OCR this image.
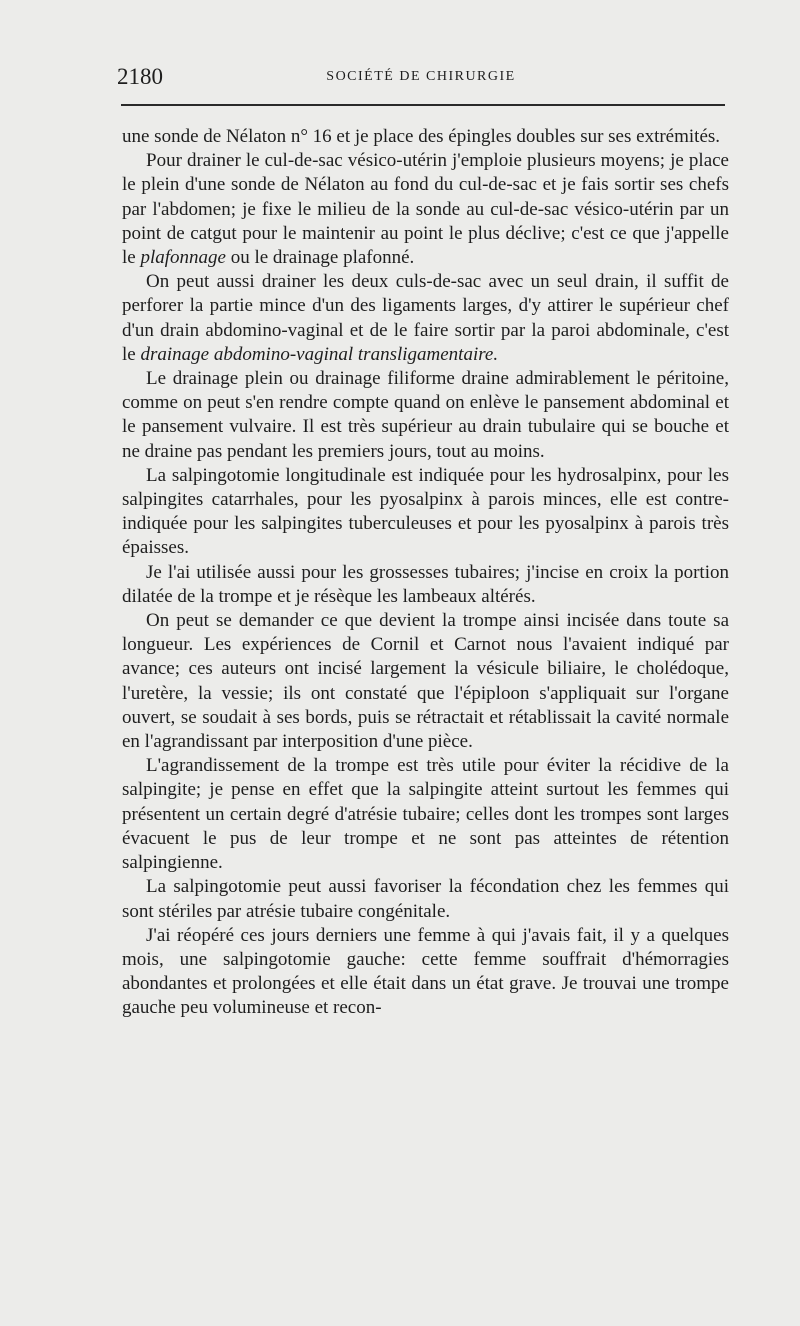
2180	SOCIÉTÉ DE CHIRURGIE

une sonde de Nélaton n° 16 et je place des épingles doubles sur ses extrémités.

Pour drainer le cul-de-sac vésico-utérin j'emploie plusieurs moyens; je place le plein d'une sonde de Nélaton au fond du cul-de-sac et je fais sortir ses chefs par l'abdomen; je fixe le milieu de la sonde au cul-de-sac vésico-utérin par un point de catgut pour le maintenir au point le plus déclive; c'est ce que j'appelle le plafonnage ou le drainage plafonné.

On peut aussi drainer les deux culs-de-sac avec un seul drain, il suffit de perforer la partie mince d'un des ligaments larges, d'y attirer le supérieur chef d'un drain abdomino-vaginal et de le faire sortir par la paroi abdominale, c'est le drainage abdomino-vaginal transligamentaire.

Le drainage plein ou drainage filiforme draine admirablement le péritoine, comme on peut s'en rendre compte quand on enlève le pansement abdominal et le pansement vulvaire. Il est très supérieur au drain tubulaire qui se bouche et ne draine pas pendant les premiers jours, tout au moins.

La salpingotomie longitudinale est indiquée pour les hydrosalpinx, pour les salpingites catarrhales, pour les pyosalpinx à parois minces, elle est contre-indiquée pour les salpingites tuberculeuses et pour les pyosalpinx à parois très épaisses.

Je l'ai utilisée aussi pour les grossesses tubaires; j'incise en croix la portion dilatée de la trompe et je résèque les lambeaux altérés.

On peut se demander ce que devient la trompe ainsi incisée dans toute sa longueur. Les expériences de Cornil et Carnot nous l'avaient indiqué par avance; ces auteurs ont incisé largement la vésicule biliaire, le cholédoque, l'uretère, la vessie; ils ont constaté que l'épiploon s'appliquait sur l'organe ouvert, se soudait à ses bords, puis se rétractait et rétablissait la cavité normale en l'agrandissant par interposition d'une pièce.

L'agrandissement de la trompe est très utile pour éviter la récidive de la salpingite; je pense en effet que la salpingite atteint surtout les femmes qui présentent un certain degré d'atrésie tubaire; celles dont les trompes sont larges évacuent le pus de leur trompe et ne sont pas atteintes de rétention salpingienne.

La salpingotomie peut aussi favoriser la fécondation chez les femmes qui sont stériles par atrésie tubaire congénitale.

J'ai réopéré ces jours derniers une femme à qui j'avais fait, il y a quelques mois, une salpingotomie gauche: cette femme souffrait d'hémorragies abondantes et prolongées et elle était dans un état grave. Je trouvai une trompe gauche peu volumineuse et recon-
